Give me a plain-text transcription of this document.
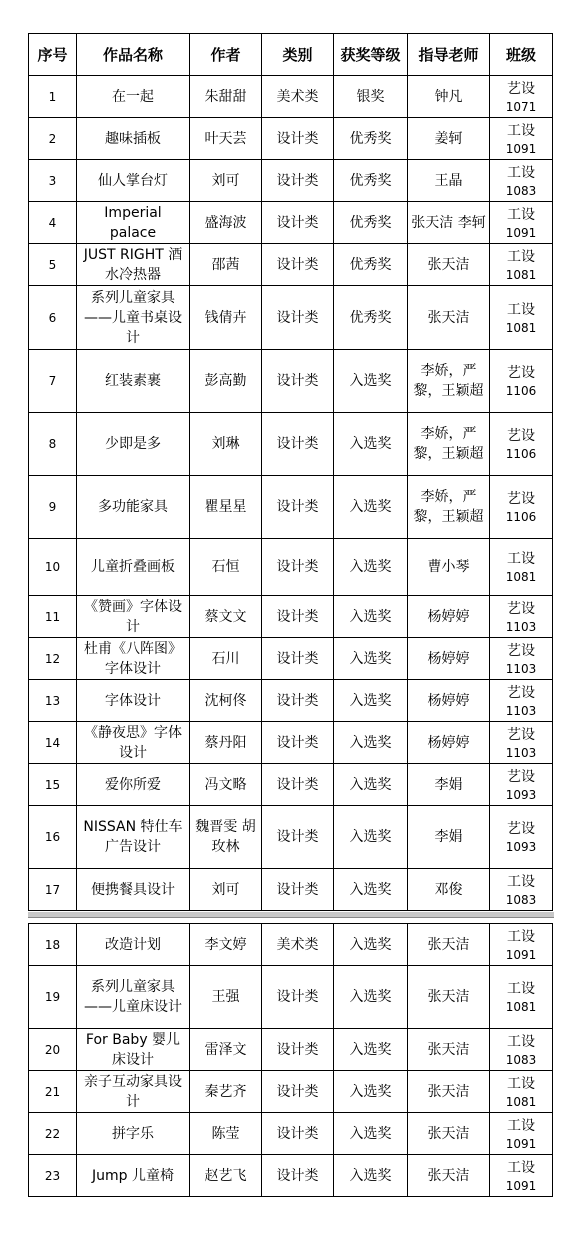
序号	作品名称	作者	类别	获奖等级	指导老师	班级
1	在一起	朱甜甜	美术类	银奖	钟凡	艺设
1071

2	趣味插板	叶天芸	设计类	优秀奖	姜轲	工设
1091

3	仙人掌台灯	刘可	设计类	优秀奖	王晶	工设
1083

4	Imperial palace	盛海波	设计类	优秀奖	张天洁 李轲	工设
1091

5	JUST RIGHT 酒水冷热器	邵茜	设计类	优秀奖	张天洁	工设
1081

6	系列儿童家具——儿童书桌设计	钱倩卉	设计类	优秀奖	张天洁	工设
1081

7	红装素裹	彭高勤	设计类	入选奖	李娇，严黎，王颖超	艺设
1106

8	少即是多	刘琳	设计类	入选奖	李娇，严黎，王颖超	艺设
1106

9	多功能家具	瞿星星	设计类	入选奖	李娇，严黎，王颖超	艺设
1106

10	儿童折叠画板	石恒	设计类	入选奖	曹小琴	工设
1081

11	《赞画》字体设计	蔡文文	设计类	入选奖	杨婷婷	艺设
1103

12	杜甫《八阵图》字体设计	石川	设计类	入选奖	杨婷婷	艺设
1103

13	字体设计	沈柯佟	设计类	入选奖	杨婷婷	艺设
1103

14	《静夜思》字体设计	蔡丹阳	设计类	入选奖	杨婷婷	艺设
1103

15	爱你所爱	冯文略	设计类	入选奖	李娟	艺设
1093

16	NISSAN 特仕车 广告设计	魏晋雯 胡玫林	设计类	入选奖	李娟	艺设
1093

17	便携餐具设计	刘可	设计类	入选奖	邓俊	工设
1083
18	改造计划	李文婷	美术类	入选奖	张天洁	工设
1091

19	系列儿童家具——儿童床设计	王强	设计类	入选奖	张天洁	工设
1081

20	For Baby 婴儿床设计	雷泽文	设计类	入选奖	张天洁	工设
1083

21	亲子互动家具设计	秦艺齐	设计类	入选奖	张天洁	工设
1081

22	拼字乐	陈莹	设计类	入选奖	张天洁	工设
1091

23	Jump 儿童椅	赵艺飞	设计类	入选奖	张天洁	工设
1091
